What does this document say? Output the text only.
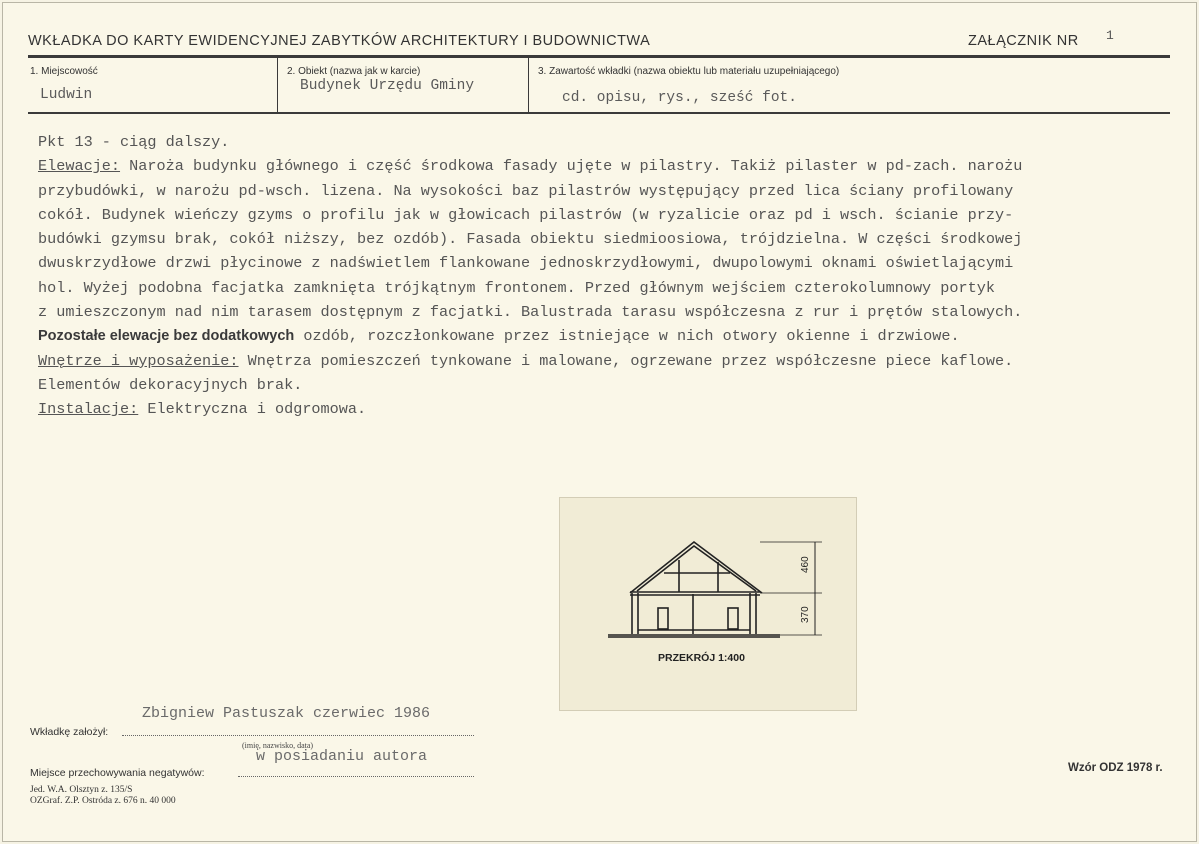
WKŁADKA DO KARTY EWIDENCYJNEJ ZABYTKÓW ARCHITEKTURY I BUDOWNICTWA	ZAŁĄCZNIK NR 1
1. Miejscowość
Ludwin
2. Obiekt (nazwa jak w karcie)
Budynek Urzędu Gminy
3. Zawartość wkładki (nazwa obiektu lub materiału uzupełniającego)
cd. opisu, rys., sześć fot.
Pkt 13 - ciąg dalszy.
Elewacje: Naroża budynku głównego i część środkowa fasady ujęte w pilastry. Takiż pilaster w pd-zach. narożu
przybudówki, w narożu pd-wsch. lizena. Na wysokości baz pilastrów występujący przed lica ściany profilowany
cokół. Budynek wieńczy gzyms o profilu jak w głowicach pilastrów (w ryzalicie oraz pd i wsch. ścianie przy-
budówki gzymsu brak, cokół niższy, bez ozdób). Fasada obiektu siedmioosiowa, trójdzielna. W części środkowej
dwuskrzydłowe drzwi płycinowe z nadświetlem flankowane jednoskrzydłowymi, dwupolowymi oknami oświetlającymi
hol. Wyżej podobna facjatka zamknięta trójkątnym frontonem. Przed głównym wejściem czterokolumnowy portyk
z umieszczonym nad nim tarasem dostępnym z facjatki. Balustrada tarasu współczesna z rur i prętów stalowych.
Pozostałe elewacje bez dodatkowych ozdób, rozczłonkowane przez istniejące w nich otwory okienne i drzwiowe.
Wnętrze i wyposażenie: Wnętrza pomieszczeń tynkowane i malowane, ogrzewane przez współczesne piece kaflowe.
Elementów dekoracyjnych brak.
Instalacje: Elektryczna i odgromowa.
460
370
PRZEKRÓJ 1:400
Wkładkę założył:
Zbigniew Pastuszak czerwiec 1986
(imię, nazwisko, data)
Miejsce przechowywania negatywów:
w posiadaniu autora
Jed. W.A. Olsztyn z. 135/S
OZGraf. Z.P. Ostróda z. 676 n. 40 000
Wzór ODZ 1978 r.
